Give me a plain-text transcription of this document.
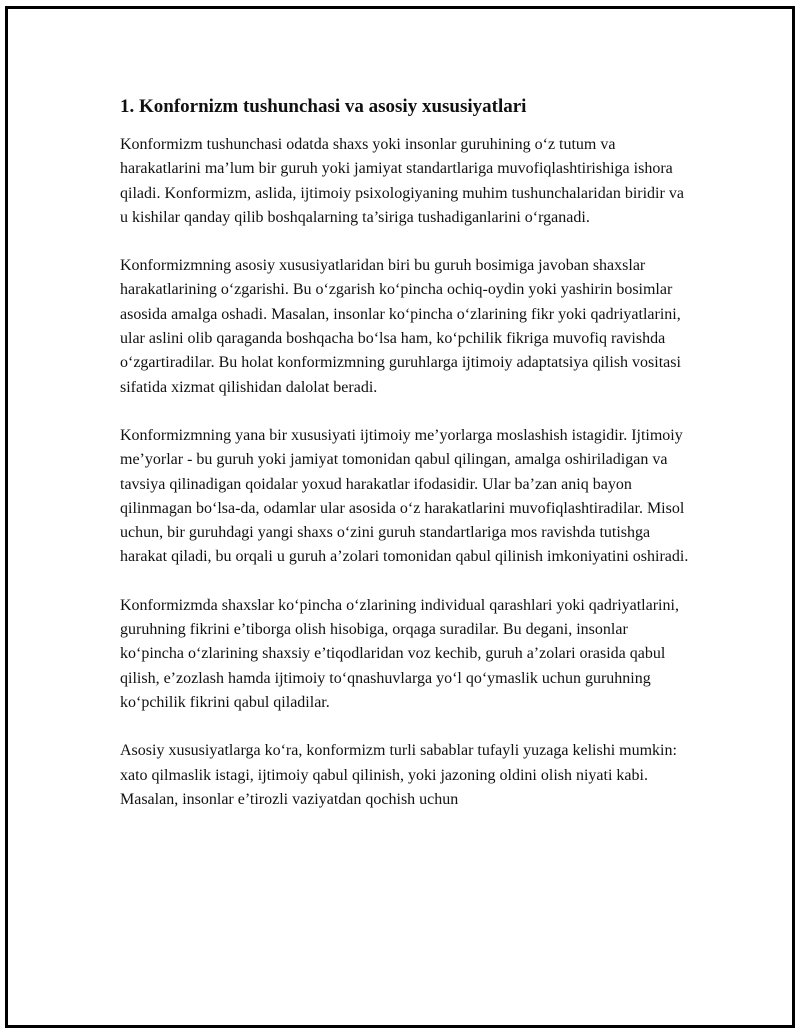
1. Konfornizm tushunchasi va asosiy xususiyatlari

Konformizm tushunchasi odatda shaxs yoki insonlar guruhining o‘z tutum va harakatlarini ma’lum bir guruh yoki jamiyat standartlariga muvofiqlashtirishiga ishora qiladi. Konformizm, aslida, ijtimoiy psixologiyaning muhim tushunchalaridan biridir va u kishilar qanday qilib boshqalarning ta’siriga tushadiganlarini o‘rganadi.

Konformizmning asosiy xususiyatlaridan biri bu guruh bosimiga javoban shaxslar harakatlarining o‘zgarishi. Bu o‘zgarish ko‘pincha ochiq-oydin yoki yashirin bosimlar asosida amalga oshadi. Masalan, insonlar ko‘pincha o‘zlarining fikr yoki qadriyatlarini, ular aslini olib qaraganda boshqacha bo‘lsa ham, ko‘pchilik fikriga muvofiq ravishda o‘zgartiradilar. Bu holat konformizmning guruhlarga ijtimoiy adaptatsiya qilish vositasi sifatida xizmat qilishidan dalolat beradi.

Konformizmning yana bir xususiyati ijtimoiy me’yorlarga moslashish istagidir. Ijtimoiy me’yorlar - bu guruh yoki jamiyat tomonidan qabul qilingan, amalga oshiriladigan va tavsiya qilinadigan qoidalar yoxud harakatlar ifodasidir. Ular ba’zan aniq bayon qilinmagan bo‘lsa-da, odamlar ular asosida o‘z harakatlarini muvofiqlashtiradilar. Misol uchun, bir guruhdagi yangi shaxs o‘zini guruh standartlariga mos ravishda tutishga harakat qiladi, bu orqali u guruh a’zolari tomonidan qabul qilinish imkoniyatini oshiradi.

Konformizmda shaxslar ko‘pincha o‘zlarining individual qarashlari yoki qadriyatlarini, guruhning fikrini e’tiborga olish hisobiga, orqaga suradilar. Bu degani, insonlar ko‘pincha o‘zlarining shaxsiy e’tiqodlaridan voz kechib, guruh a’zolari orasida qabul qilish, e’zozlash hamda ijtimoiy to‘qnashuvlarga yo‘l qo‘ymaslik uchun guruhning ko‘pchilik fikrini qabul qiladilar.

Asosiy xususiyatlarga ko‘ra, konformizm turli sabablar tufayli yuzaga kelishi mumkin: xato qilmaslik istagi, ijtimoiy qabul qilinish, yoki jazoning oldini olish niyati kabi. Masalan, insonlar e’tirozli vaziyatdan qochish uchun
